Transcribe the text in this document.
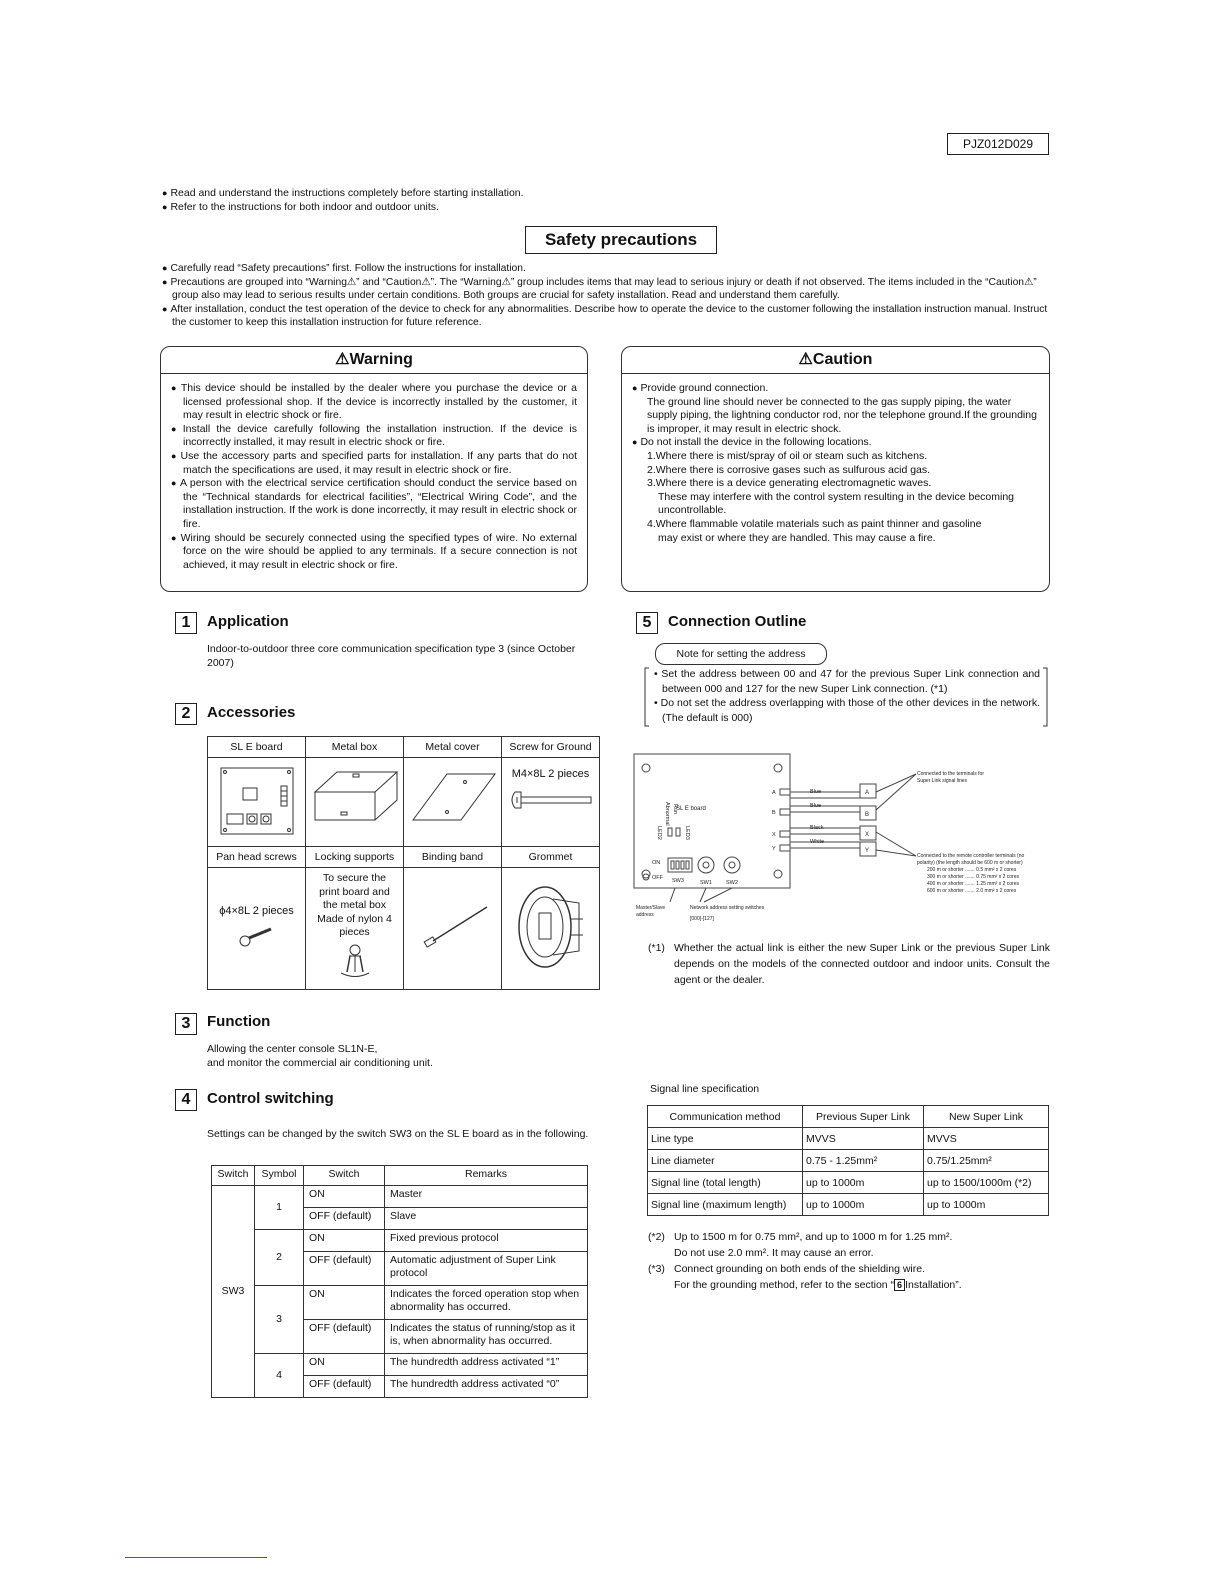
PJZ012D029
● Read and understand the instructions completely before starting installation.
● Refer to the instructions for both indoor and outdoor units.
Safety precautions
● Carefully read “Safety precautions” first. Follow the instructions for installation.
● Precautions are grouped into “Warning⚠” and “Caution⚠”. The “Warning⚠” group includes items that may lead to serious injury or death if not observed. The items included in the “Caution⚠” group also may lead to serious results under certain conditions. Both groups are crucial for safety installation. Read and understand them carefully.
● After installation, conduct the test operation of the device to check for any abnormalities. Describe how to operate the device to the customer following the installation instruction manual. Instruct the customer to keep this installation instruction for future reference.
⚠Warning
● This device should be installed by the dealer where you purchase the device or a licensed professional shop. If the device is incorrectly installed by the customer, it may result in electric shock or fire.
● Install the device carefully following the installation instruction. If the device is incorrectly installed, it may result in electric shock or fire.
● Use the accessory parts and specified parts for installation. If any parts that do not match the specifications are used, it may result in electric shock or fire.
● A person with the electrical service certification should conduct the service based on the “Technical standards for electrical facilities”, “Electrical Wiring Code”, and the installation instruction. If the work is done incorrectly, it may result in electric shock or fire.
● Wiring should be securely connected using the specified types of wire. No external force on the wire should be applied to any terminals. If a secure connection is not achieved, it may result in electric shock or fire.
⚠Caution
● Provide ground connection.
The ground line should never be connected to the gas supply piping, the water supply piping, the lightning conductor rod, nor the telephone ground.If the grounding is improper, it may result in electric shock.
● Do not install the device in the following locations.
1.Where there is mist/spray of oil or steam such as kitchens.
2.Where there is corrosive gases such as sulfurous acid gas.
3.Where there is a device generating electromagnetic waves.
These may interfere with the control system resulting in the device becoming uncontrollable.
4.Where flammable volatile materials such as paint thinner and gasoline
may exist or where they are handled. This may cause a fire.
1	Application
Indoor-to-outdoor three core communication specification type 3 (since October 2007)
2	Accessories
SL E board	Metal box	Metal cover	Screw for Ground

M4×8L 2 pieces

Pan head screws	Locking supports	Binding band	Grommet

ϕ4×8L 2 pieces	To secure the print board and the metal box Made of nylon 4 pieces

3	Function
Allowing the center console SL1N-E,
and monitor the commercial air conditioning unit.
4	Control switching
Settings can be changed by the switch SW3 on the SL E board as in the following.
Switch	Symbol	Switch	Remarks
SW3	1	ON	Master
		OFF (default)	Slave
	2	ON	Fixed previous protocol
		OFF (default)	Automatic adjustment of Super Link protocol
	3	ON	Indicates the forced operation stop when abnormality has occurred.
		OFF (default)	Indicates the status of running/stop as it is, when abnormality has occurred.
	4	ON	The hundredth address activated “1”
		OFF (default)	The hundredth address activated “0”
5	Connection Outline
Note for setting the address
• Set the address between 00 and 47 for the previous Super Link connection and between 000 and 127 for the new Super Link connection. (*1)
• Do not set the address overlapping with those of the other devices in the network. (The default is 000)
SL E board
Run
Abnormal
LED2	LED3
ON
OFF SW3	SW1	SW2
A
B
X
Y
Blue
Blue
Black
White
A
B
X
Y
Connected to the terminals for
Super Link signal lines
Connected to the remote controller terminals (no
polarity) (the length should be 600 m or shorter)
200 m or shorter ....... 0.5 mm² x 2 cores
300 m or shorter ....... 0.75 mm² x 2 cores
400 m or shorter ....... 1.25 mm² x 2 cores
600 m or shorter ....... 2.0 mm² x 2 cores
Master/Slave
address
Network address setting switches
[000]-[127]
(*1) Whether the actual link is either the new Super Link or the previous Super Link depends on the models of the connected outdoor and indoor units. Consult the agent or the dealer.
Signal line specification
Communication method	Previous Super Link	New Super Link
Line type	MVVS	MVVS
Line diameter	0.75 - 1.25mm²	0.75/1.25mm²
Signal line (total length)	up to 1000m	up to 1500/1000m (*2)
Signal line (maximum length)	up to 1000m	up to 1000m
(*2) Up to 1500 m for 0.75 mm², and up to 1000 m for 1.25 mm².
Do not use 2.0 mm². It may cause an error.
(*3) Connect grounding on both ends of the shielding wire.
For the grounding method, refer to the section “ 6 Installation”.
